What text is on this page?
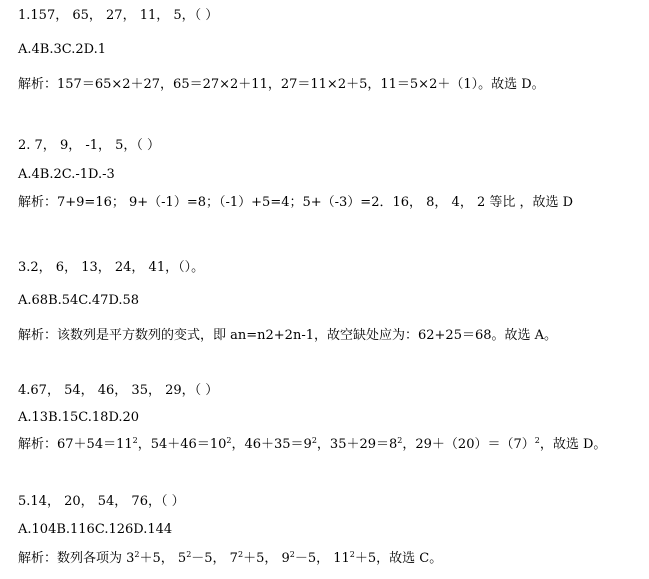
1.157， 65， 27， 11， 5，（ ）
A.4B.3C.2D.1
解析：157＝65×2＋27，65＝27×2＋11，27＝11×2＋5，11＝5×2＋（1）。故选 D。
2. 7， 9， -1， 5，（ ）
A.4B.2C.-1D.-3
解析：7+9=16； 9+（-1）=8；（-1）+5=4；5+（-3）=2．16， 8， 4， 2 等比 ，故选 D
3.2， 6， 13， 24， 41，（）。
A.68B.54C.47D.58
解析：该数列是平方数列的变式，即 an=n2+2n-1，故空缺处应为：62+25＝68。故选 A。
4.67， 54， 46， 35， 29，（ ）
A.13B.15C.18D.20
解析：$67+54=11^2$，$54+46=10^2$，$46+35=9^2$，$35+29=8^2$，$29+(20)=(7)^2$，故选 D。
5.14， 20， 54， 76，（ ）
A.104B.116C.126D.144
解析：数列各项为 $3^2+5$， $5^2-5$， $7^2+5$， $9^2-5$， $11^2+5$，故选 C。
